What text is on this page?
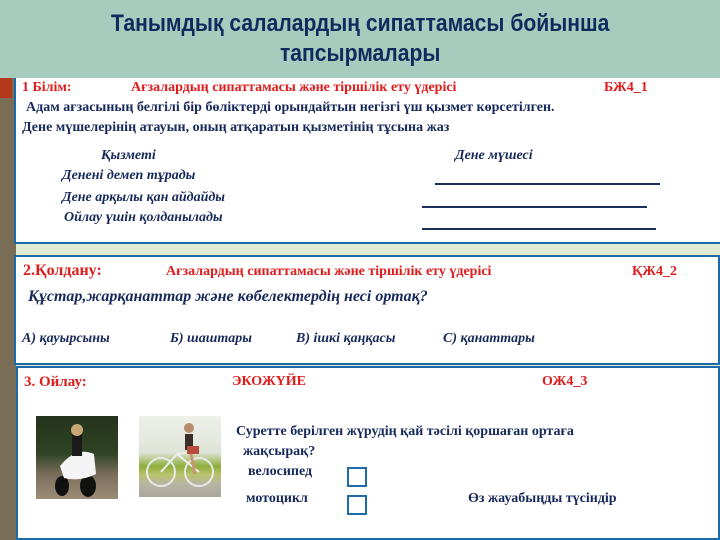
Танымдық салалардың сипаттамасы бойынша
тапсырмалары
1 Білім:	Ағзалардың сипаттамасы және тіршілік ету үдерісі	БЖ4_1
Адам ағзасының белгілі бір бөліктерді орындайтын негізгі үш қызмет көрсетілген.
Дене мүшелерінің атауын, оның атқаратын қызметінің тұсына жаз
Қызметі	Дене мүшесі
Денені демеп тұрады
Дене арқылы қан айдайды
Ойлау үшін қолданылады
2.Қолдану:	Ағзалардың сипаттамасы және тіршілік ету үдерісі	ҚЖ4_2
Құстар,жарқанаттар және көбелектердің несі ортақ?
А) қауырсыны	Б) шаштары	В) ішкі қаңқасы	С) қанаттары
3. Ойлау:	ЭКОЖҮЙЕ	ОЖ4_3
Суретте берілген жүрудің қай тәсілі қоршаған ортаға
жақсырақ?
велосипед
мотоцикл	Өз жауабыңды түсіндір
